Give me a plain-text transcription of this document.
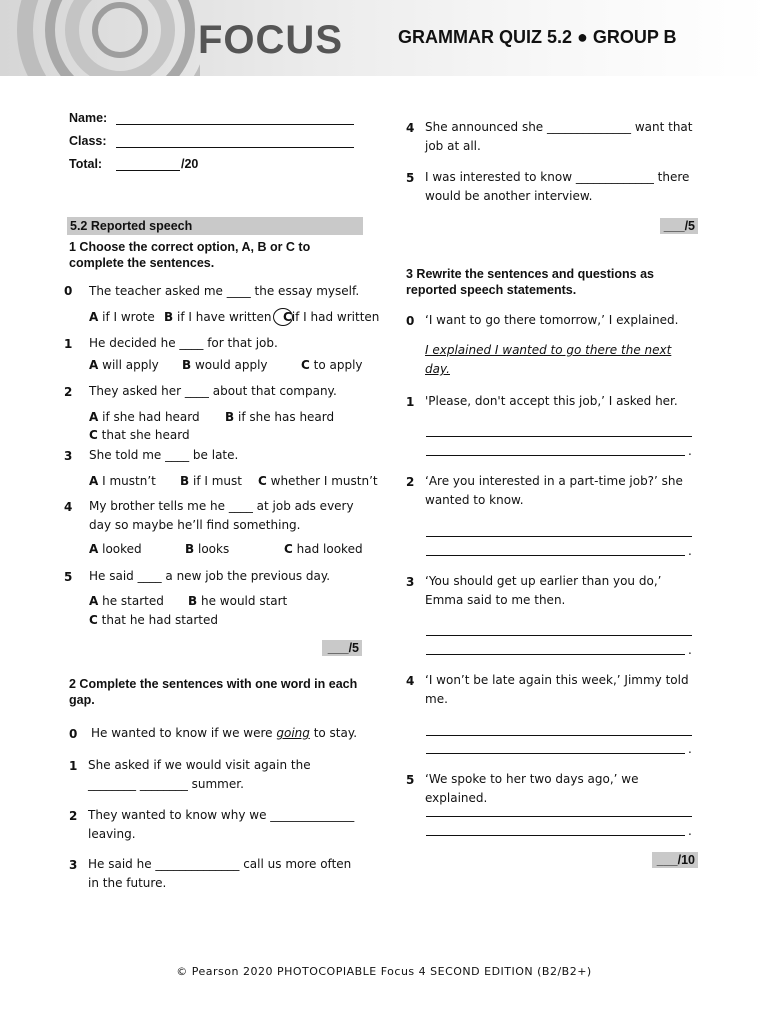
FOCUS	GRAMMAR QUIZ 5.2 ● GROUP B
Name:
Class:
Total:	/20
5.2 Reported speech
1 Choose the correct option, A, B or C to complete the sentences.
0 The teacher asked me ____ the essay myself.
A if I wrote B if I have written Cif I had written
1 He decided he ____ for that job.
A will apply B would apply	C to apply
2 They asked her ____ about that company.
A if she had heard B if she has heard
C that she heard
3 She told me ____ be late.
A I mustn’t B if I must C whether I mustn’t
4 My brother tells me he ____ at job ads every day so maybe he’ll find something.
A looked	B looks	C had looked
5 He said ____ a new job the previous day.
A he started B he would start
C that he had started
___/5
2 Complete the sentences with one word in each gap.
0 He wanted to know if we were going to stay.
1 She asked if we would visit again the ________ ________ summer.
2 They wanted to know why we ______________ leaving.
3 He said he ______________ call us more often in the future.
4 She announced she ______________ want that job at all.
5 I was interested to know _____________ there would be another interview.
___/5
3 Rewrite the sentences and questions as reported speech statements.
0 ‘I want to go there tomorrow,’ I explained.
I explained I wanted to go there the next day.
1 'Please, don't accept this job,’ I asked her.
.
2 ‘Are you interested in a part-time job?’ she wanted to know.
.
3 ‘You should get up earlier than you do,’ Emma said to me then.
.
4 ‘I won’t be late again this week,’ Jimmy told me.
.
5 ‘We spoke to her two days ago,’ we explained.
.
___/10
© Pearson 2020 PHOTOCOPIABLE Focus 4 SECOND EDITION (B2/B2+)
